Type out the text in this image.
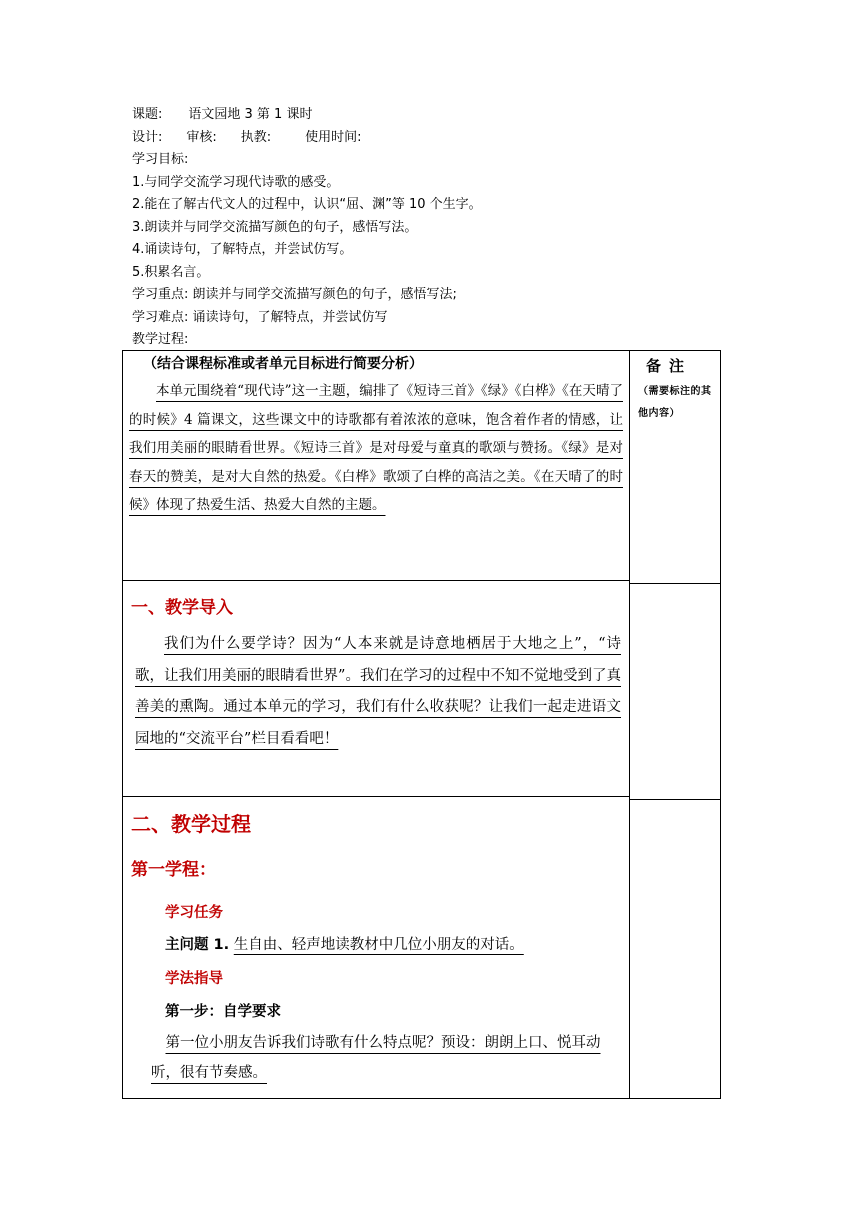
课题: 语文园地 3 第 1 课时
设计: 审核: 执教:	使用时间:
学习目标:
1.与同学交流学习现代诗歌的感受。
2.能在了解古代文人的过程中，认识“屈、渊”等 10 个生字。
3.朗读并与同学交流描写颜色的句子，感悟写法。
4.诵读诗句，了解特点，并尝试仿写。
5.积累名言。
学习重点: 朗读并与同学交流描写颜色的句子，感悟写法;
学习难点: 诵读诗句，了解特点，并尝试仿写
教学过程:
（结合课程标准或者单元目标进行简要分析）
本单元围绕着“现代诗”这一主题，编排了《短诗三首》《绿》《白桦》《在天晴了的时候》4 篇课文，这些课文中的诗歌都有着浓浓的意味，饱含着作者的情感，让我们用美丽的眼睛看世界。《短诗三首》是对母爱与童真的歌颂与赞扬。《绿》是对春天的赞美，是对大自然的热爱。《白桦》歌颂了白桦的高洁之美。《在天晴了的时候》体现了热爱生活、热爱大自然的主题。

备注
（需要标注的其他内容）

一、教学导入
我们为什么要学诗？因为“人本来就是诗意地栖居于大地之上”，“诗歌，让我们用美丽的眼睛看世界”。我们在学习的过程中不知不觉地受到了真善美的熏陶。通过本单元的学习，我们有什么收获呢？让我们一起走进语文园地的“交流平台”栏目看看吧！

二、教学过程
第一学程：
学习任务
主问题 1. 生自由、轻声地读教材中几位小朋友的对话。
学法指导
第一步：自学要求
第一位小朋友告诉我们诗歌有什么特点呢？预设：朗朗上口、悦耳动听，很有节奏感。
